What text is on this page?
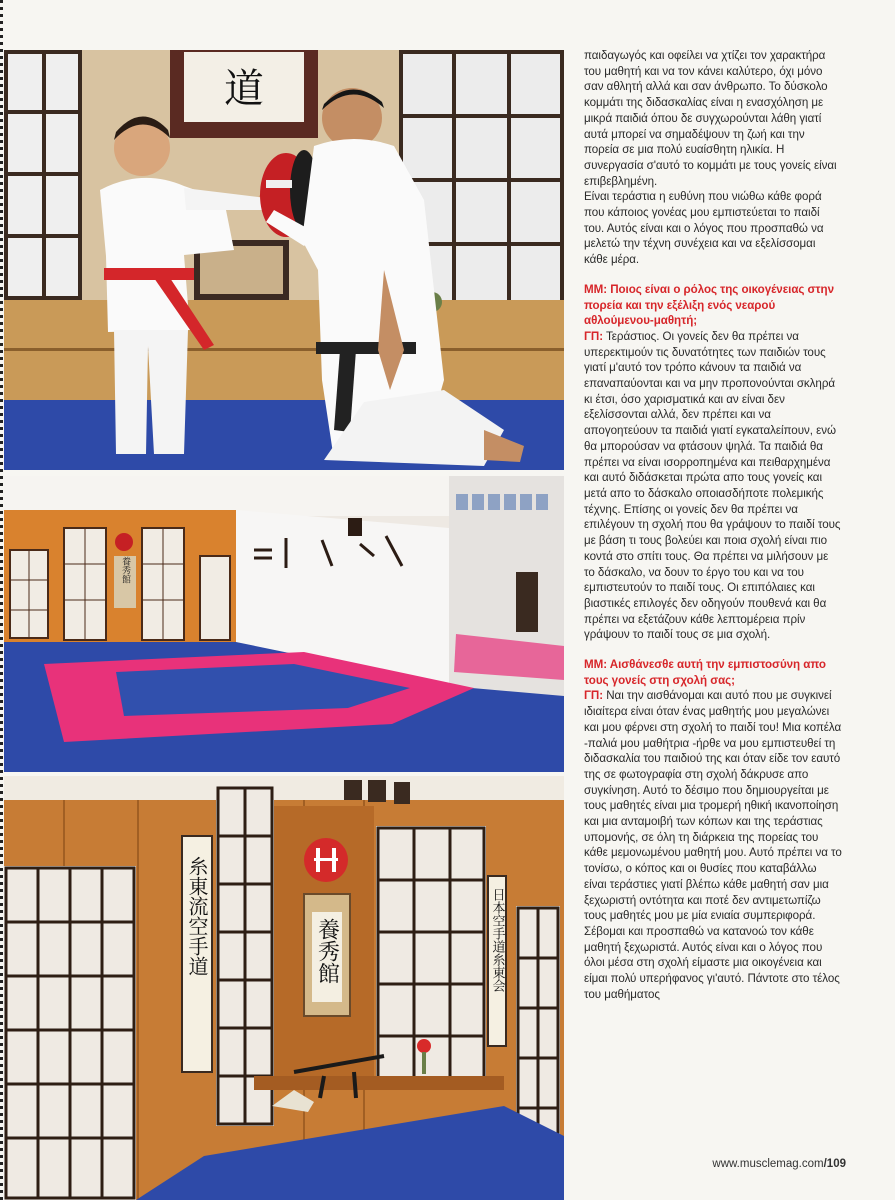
道
養秀館
糸東流空手道	養秀館	日本空手道糸東会

παιδαγωγός και οφείλει να χτίζει τον χαρακτήρα του μαθητή και να τον κάνει καλύτερο, όχι μόνο σαν αθλητή αλλά και σαν άνθρωπο. Το δύσκολο κομμάτι της διδασκαλίας είναι η ενασχόληση με μικρά παιδιά όπου δε συγχωρούνται λάθη γιατί αυτά μπορεί να σημαδέψουν τη ζωή και την πορεία σε μια πολύ ευαίσθητη ηλικία. Η συνεργασία σ'αυτό το κομμάτι με τους γονείς είναι επιβεβλημένη.

Είναι τεράστια η ευθύνη που νιώθω κάθε φορά που κάποιος γονέας μου εμπιστεύεται το παιδί του. Αυτός είναι και ο λόγος που προσπαθώ να μελετώ την τέχνη συνέχεια και να εξελίσσομαι κάθε μέρα.

ΜΜ: Ποιος είναι ο ρόλος της οικογένειας στην πορεία και την εξέλιξη ενός νεαρού αθλούμενου-μαθητή;

ΓΠ: Τεράστιος. Οι γονείς δεν θα πρέπει να υπερεκτιμούν τις δυνατότητες των παιδιών τους γιατί μ'αυτό τον τρόπο κάνουν τα παιδιά να επαναπαύονται και να μην προπονούνται σκληρά κι έτσι, όσο χαρισματικά και αν είναι δεν εξελίσσονται αλλά, δεν πρέπει και να απογοητεύουν τα παιδιά γιατί εγκαταλείπουν, ενώ θα μπορούσαν να φτάσουν ψηλά. Τα παιδιά θα πρέπει να είναι ισορροπημένα και πειθαρχημένα και αυτό διδάσκεται πρώτα απο τους γονείς και μετά απο το δάσκαλο οποιασδήποτε πολεμικής τέχνης. Επίσης οι γονείς δεν θα πρέπει να επιλέγουν τη σχολή που θα γράψουν το παιδί τους με βάση τι τους βολεύει και ποια σχολή είναι πιο κοντά στο σπίτι τους. Θα πρέπει να μιλήσουν με το δάσκαλο, να δουν το έργο του και να του εμπιστευτούν το παιδί τους. Οι επιπόλαιες και βιαστικές επιλογές δεν οδηγούν πουθενά και θα πρέπει να εξετάζουν κάθε λεπτομέρεια πρίν γράψουν το παιδί τους σε μια σχολή.

ΜΜ: Αισθάνεσθε αυτή την εμπιστοσύνη απο τους γονείς στη σχολή σας;

ΓΠ: Ναι την αισθάνομαι και αυτό που με συγκινεί ιδιαίτερα είναι όταν ένας μαθητής μου μεγαλώνει και μου φέρνει στη σχολή το παιδί του! Μια κοπέλα -παλιά μου μαθήτρια -ήρθε να μου εμπιστευθεί τη διδασκαλία του παιδιού της και όταν είδε τον εαυτό της σε φωτογραφία στη σχολή δάκρυσε απο συγκίνηση. Αυτό το δέσιμο που δημιουργείται με τους μαθητές είναι μια τρομερή ηθική ικανοποίηση και μια ανταμοιβή των κόπων και της τεράστιας υπομονής, σε όλη τη διάρκεια της πορείας του κάθε μεμονωμένου μαθητή μου. Αυτό πρέπει να το τονίσω, ο κόπος και οι θυσίες που καταβάλλω είναι τεράστιες γιατί βλέπω κάθε μαθητή σαν μια ξεχωριστή οντότητα και ποτέ δεν αντιμετωπίζω τους μαθητές μου με μία ενιαία συμπεριφορά. Σέβομαι και προσπαθώ να κατανοώ τον κάθε μαθητή ξεχωριστά. Αυτός είναι και ο λόγος που όλοι μέσα στη σχολή είμαστε μια οικογένεια και είμαι πολύ υπερήφανος γι'αυτό. Πάντοτε στο τέλος του μαθήματος

www.musclemag.com/109
